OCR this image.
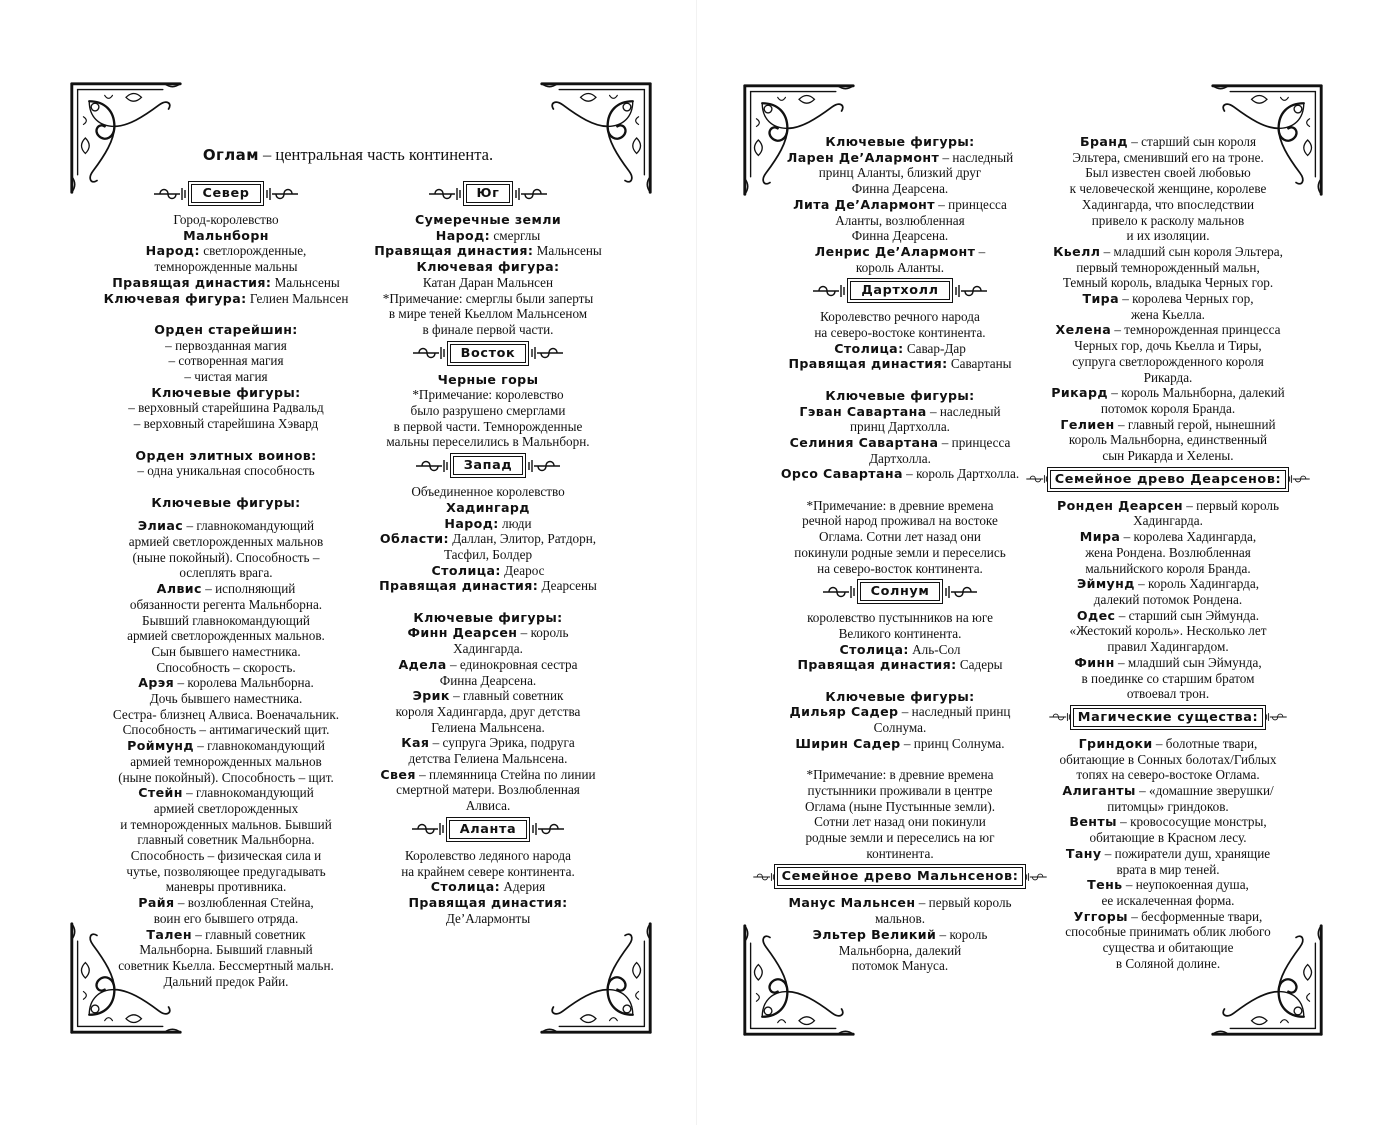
Оглам – центральная часть континента.

Север

Город-королевство

Мальнборн

Народ: светлорожденные,

темнорожденные мальны

Правящая династия: Мальнсены

Ключевая фигура: Гелиен Мальнсен

Орден старейшин:

– первозданная магия

– сотворенная магия

– чистая магия

Ключевые фигуры:

– верховный старейшина Радвальд

– верховный старейшина Хэвард

Орден элитных воинов:

– одна уникальная способность

Ключевые фигуры:

Элиас – главнокомандующий

армией светлорожденных мальнов

(ныне покойный). Способность –

ослеплять врага.

Алвис – исполняющий

обязанности регента Мальнборна.

Бывший главнокомандующий

армией светлорожденных мальнов.

Сын бывшего наместника.

Способность – скорость.

Арэя – королева Мальнборна.

Дочь бывшего наместника.

Сестра- близнец Алвиса. Военачальник.

Способность – антимагический щит.

Роймунд – главнокомандующий

армией темнорожденных мальнов

(ныне покойный). Способность – щит.

Стейн – главнокомандующий

армией светлорожденных

и темнорожденных мальнов. Бывший

главный советник Мальнборна.

Способность – физическая сила и

чутье, позволяющее предугадывать

маневры противника.

Райя – возлюбленная Стейна,

воин его бывшего отряда.

Тален – главный советник

Мальнборна. Бывший главный

советник Кьелла. Бессмертный мальн.

Дальний предок Райи.

Юг

Сумеречные земли

Народ: смерглы

Правящая династия: Мальнсены

Ключевая фигура:

Катан Даран Мальнсен

*Примечание: смерглы были заперты

в мире теней Кьеллом Мальнсеном

в финале первой части.

Восток

Черные горы

*Примечание: королевство

было разрушено смерглами

в первой части. Темнорожденные

мальны переселились в Мальнборн.

Запад

Объединенное королевство

Хадингард

Народ: люди

Области: Даллан, Элитор, Ратдорн,

Тасфил, Болдер

Столица: Деарос

Правящая династия: Деарсены

Ключевые фигуры:

Финн Деарсен – король

Хадингарда.

Адела – единокровная сестра

Финна Деарсена.

Эрик – главный советник

короля Хадингарда, друг детства

Гелиена Мальнсена.

Кая – супруга Эрика, подруга

детства Гелиена Мальнсена.

Свея – племянница Стейна по линии

смертной матери. Возлюбленная

Алвиса.

Аланта

Королевство ледяного народа

на крайнем севере континента.

Столица: Адерия

Правящая династия:

Де’Алармонты

Ключевые фигуры:

Ларен Де’Алармонт – наследный

принц Аланты, близкий друг

Финна Деарсена.

Лита Де’Алармонт – принцесса

Аланты, возлюбленная

Финна Деарсена.

Ленрис Де’Алармонт –

король Аланты.

Дартхолл

Королевство речного народа

на северо-востоке континента.

Столица: Савар-Дар

Правящая династия: Савартаны

Ключевые фигуры:

Гэван Савартана – наследный

принц Дартхолла.

Селиния Савартана – принцесса

Дартхолла.

Орсо Савартана – король Дартхолла.

*Примечание: в древние времена

речной народ проживал на востоке

Оглама. Сотни лет назад они

покинули родные земли и переселись

на северо-восток континента.

Солнум

королевство пустынников на юге

Великого континента.

Столица: Аль-Сол

Правящая династия: Садеры

Ключевые фигуры:

Дильяр Садер – наследный принц

Солнума.

Ширин Садер – принц Солнума.

*Примечание: в древние времена

пустынники проживали в центре

Оглама (ныне Пустынные земли).

Сотни лет назад они покинули

родные земли и переселись на юг

континента.

Семейное древо Мальнсенов:

Манус Мальнсен – первый король

мальнов.

Эльтер Великий – король

Мальнборна, далекий

потомок Мануса.

Бранд – старший сын короля

Эльтера, сменивший его на троне.

Был известен своей любовью

к человеческой женщине, королеве

Хадингарда, что впоследствии

привело к расколу мальнов

и их изоляции.

Кьелл – младший сын короля Эльтера,

первый темнорожденный мальн,

Темный король, владыка Черных гор.

Тира – королева Черных гор,

жена Кьелла.

Хелена – темнорожденная принцесса

Черных гор, дочь Кьелла и Тиры,

супруга светлорожденного короля

Рикарда.

Рикард – король Мальнборна, далекий

потомок короля Бранда.

Гелиен – главный герой, нынешний

король Мальнборна, единственный

сын Рикарда и Хелены.

Семейное древо Деарсенов:

Ронден Деарсен – первый король

Хадингарда.

Мира – королева Хадингарда,

жена Рондена. Возлюбленная

мальнийского короля Бранда.

Эймунд – король Хадингарда,

далекий потомок Рондена.

Одес – старший сын Эймунда.

«Жестокий король». Несколько лет

правил Хадингардом.

Финн – младший сын Эймунда,

в поединке со старшим братом

отвоевал трон.

Магические существа:

Гриндоки – болотные твари,

обитающие в Сонных болотах/Гиблых

топях на северо-востоке Оглама.

Алиганты – «домашние зверушки/

питомцы» гриндоков.

Венты – кровососущие монстры,

обитающие в Красном лесу.

Тану – пожиратели душ, хранящие

врата в мир теней.

Тень – неупокоенная душа,

ее искалеченная форма.

Уггоры – бесформенные твари,

способные принимать облик любого

существа и обитающие

в Соляной долине.
